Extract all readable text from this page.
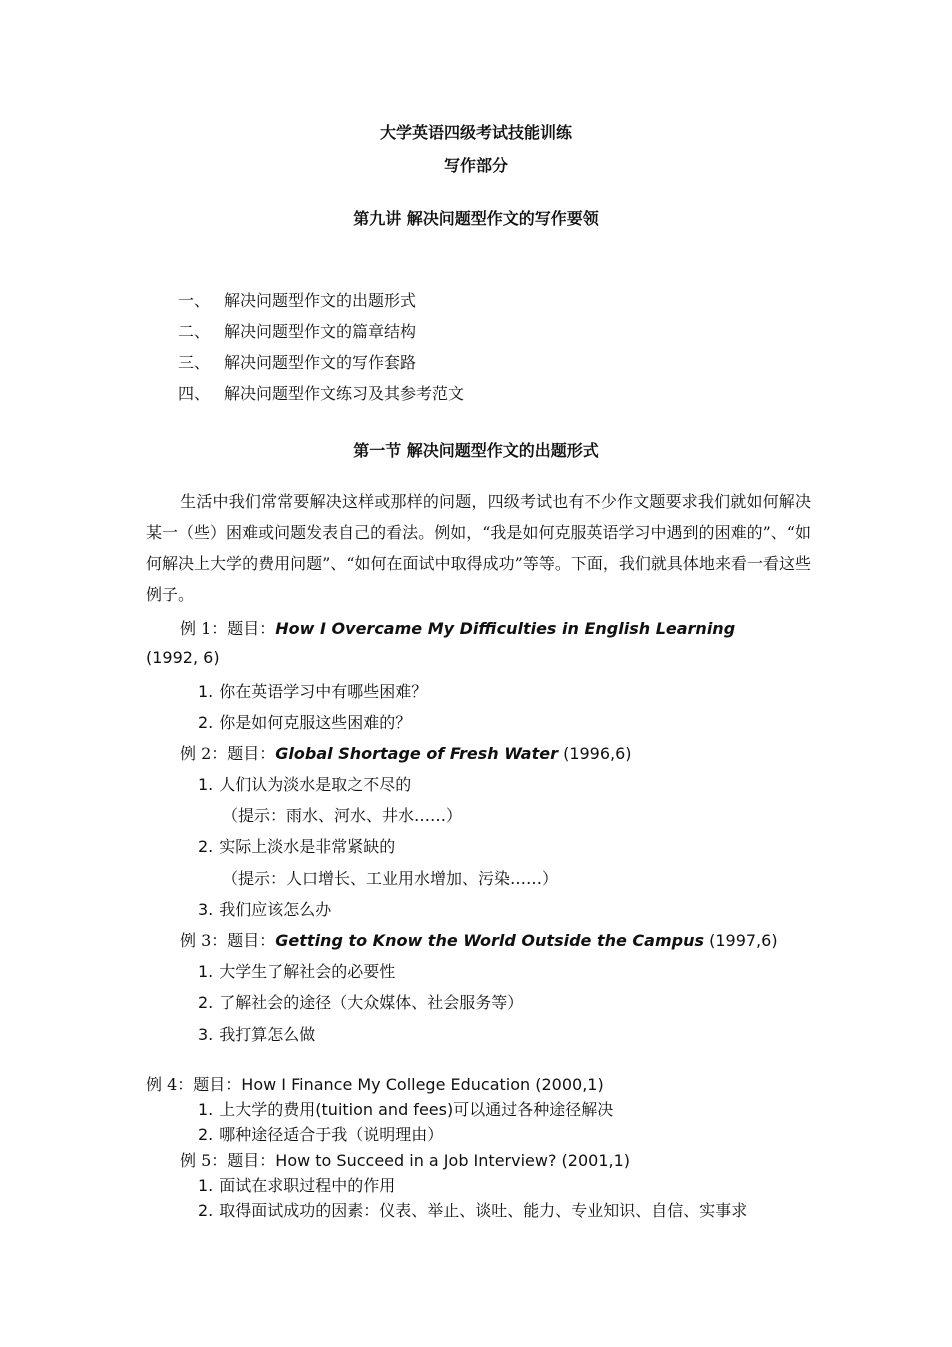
大学英语四级考试技能训练
写作部分
第九讲 解决问题型作文的写作要领
一、 解决问题型作文的出题形式
二、 解决问题型作文的篇章结构
三、 解决问题型作文的写作套路
四、 解决问题型作文练习及其参考范文
第一节 解决问题型作文的出题形式
生活中我们常常要解决这样或那样的问题，四级考试也有不少作文题要求我们就如何解决某一（些）困难或问题发表自己的看法。例如，“我是如何克服英语学习中遇到的困难的”、“如何解决上大学的费用问题”、“如何在面试中取得成功”等等。下面，我们就具体地来看一看这些例子。
例 1：题目：How I Overcame My Difficulties in English Learning
(1992, 6)
1. 你在英语学习中有哪些困难？
2. 你是如何克服这些困难的？
例 2：题目：Global Shortage of Fresh Water (1996,6)
1. 人们认为淡水是取之不尽的
（提示：雨水、河水、井水……）
2. 实际上淡水是非常紧缺的
（提示：人口增长、工业用水增加、污染……）
3. 我们应该怎么办
例 3：题目：Getting to Know the World Outside the Campus (1997,6)
1. 大学生了解社会的必要性
2. 了解社会的途径（大众媒体、社会服务等）
3. 我打算怎么做
例 4：题目：How I Finance My College Education (2000,1)
1. 上大学的费用(tuition and fees)可以通过各种途径解决
2. 哪种途径适合于我（说明理由）
例 5：题目：How to Succeed in a Job Interview? (2001,1)
1. 面试在求职过程中的作用
2. 取得面试成功的因素：仪表、举止、谈吐、能力、专业知识、自信、实事求
